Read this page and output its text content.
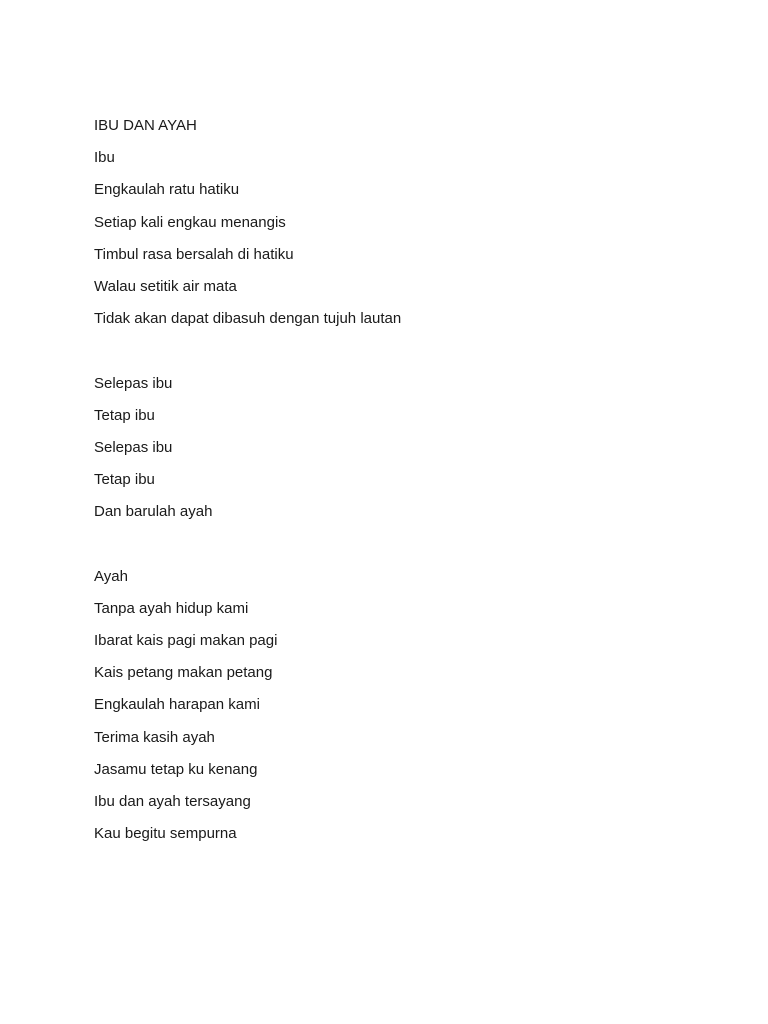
IBU DAN AYAH
Ibu
Engkaulah ratu hatiku
Setiap kali engkau menangis
Timbul rasa bersalah di hatiku
Walau setitik air mata
Tidak akan dapat dibasuh dengan tujuh lautan
Selepas ibu
Tetap ibu
Selepas ibu
Tetap ibu
Dan barulah ayah
Ayah
Tanpa ayah hidup kami
Ibarat kais pagi makan pagi
Kais petang makan petang
Engkaulah harapan kami
Terima kasih ayah
Jasamu tetap ku kenang
Ibu dan ayah tersayang
Kau begitu sempurna
